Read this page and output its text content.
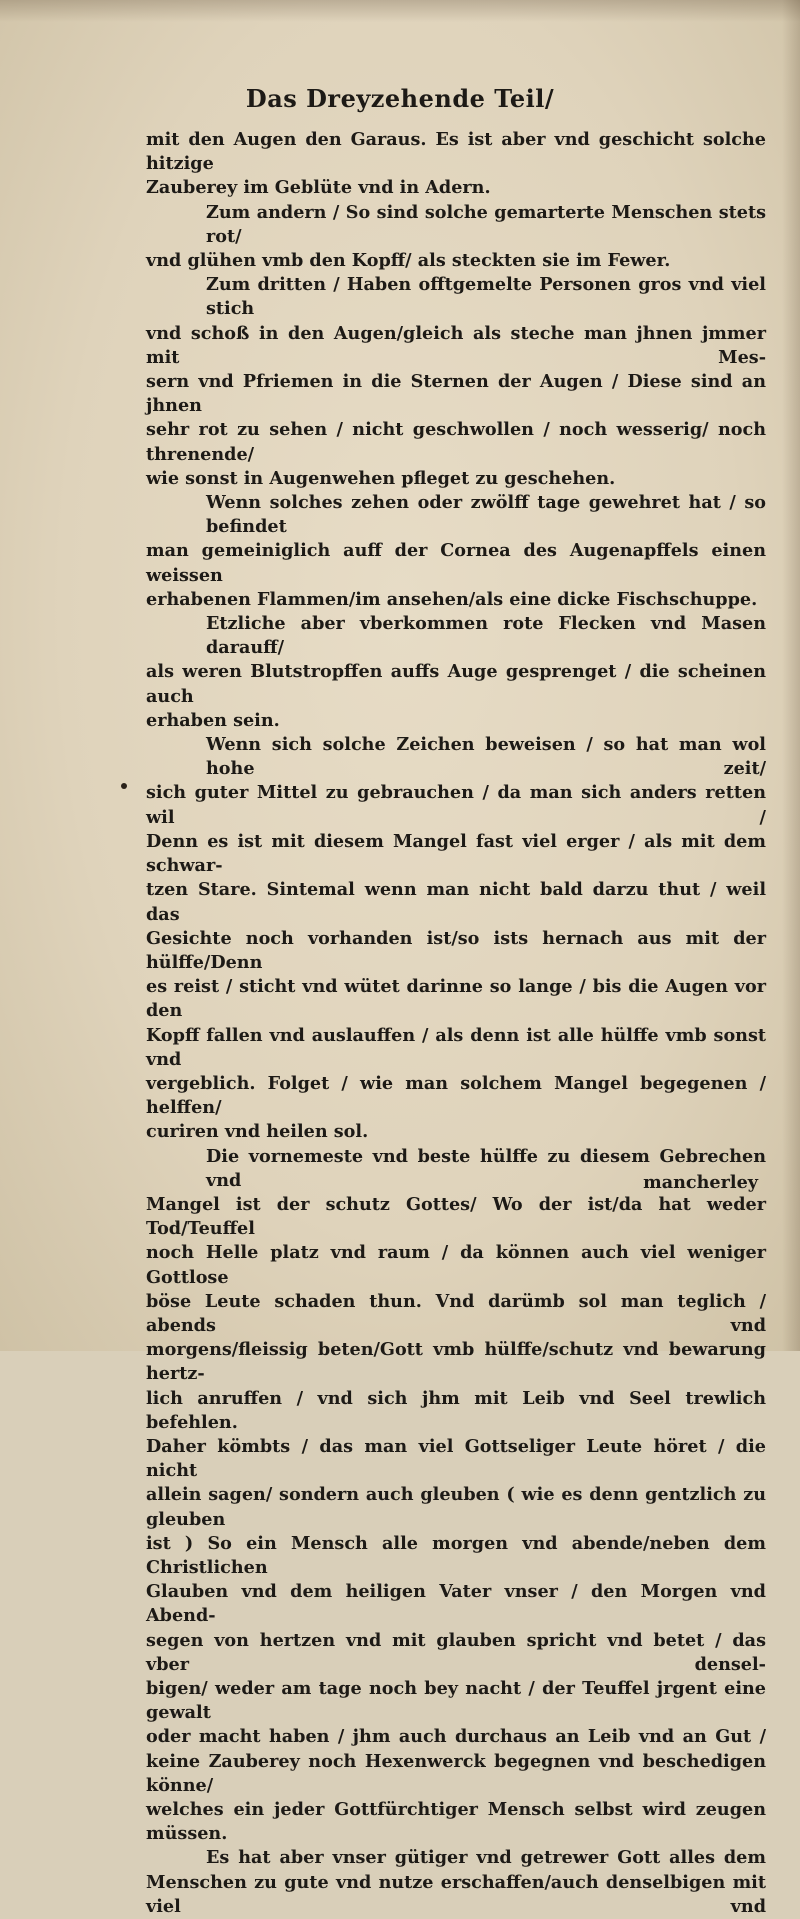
Das Dreyzehende Teil/

mit den Augen den Garaus. Es ist aber vnd geschicht solche hitzige
Zauberey im Geblüte vnd in Adern.

Zum andern / So sind solche gemarterte Menschen stets rot/
vnd glühen vmb den Kopff/ als steckten sie im Fewer.

Zum dritten / Haben offtgemelte Personen gros vnd viel stich
vnd schoß in den Augen/gleich als steche man jhnen jmmer mit Mes-
sern vnd Pfriemen in die Sternen der Augen / Diese sind an jhnen
sehr rot zu sehen / nicht geschwollen / noch wesserig/ noch threnende/
wie sonst in Augenwehen pfleget zu geschehen.

Wenn solches zehen oder zwölff tage gewehret hat / so befindet
man gemeiniglich auff der Cornea des Augenapffels einen weissen
erhabenen Flammen/im ansehen/als eine dicke Fischschuppe.

Etzliche aber vberkommen rote Flecken vnd Masen darauff/
als weren Blutstropffen auffs Auge gesprenget / die scheinen auch
erhaben sein.

Wenn sich solche Zeichen beweisen / so hat man wol hohe zeit/
sich guter Mittel zu gebrauchen / da man sich anders retten wil /
Denn es ist mit diesem Mangel fast viel erger / als mit dem schwar-
tzen Stare. Sintemal wenn man nicht bald darzu thut / weil das
Gesichte noch vorhanden ist/so ists hernach aus mit der hülffe/Denn
es reist / sticht vnd wütet darinne so lange / bis die Augen vor den
Kopff fallen vnd auslauffen / als denn ist alle hülffe vmb sonst vnd
vergeblich. Folget / wie man solchem Mangel begegenen / helffen/
curiren vnd heilen sol.

Die vornemeste vnd beste hülffe zu diesem Gebrechen vnd
Mangel ist der schutz Gottes/ Wo der ist/da hat weder Tod/Teuffel
noch Helle platz vnd raum / da können auch viel weniger Gottlose
böse Leute schaden thun. Vnd darümb sol man teglich / abends vnd
morgens/fleissig beten/Gott vmb hülffe/schutz vnd bewarung hertz-
lich anruffen / vnd sich jhm mit Leib vnd Seel trewlich befehlen.
Daher kömbts / das man viel Gottseliger Leute höret / die nicht
allein sagen/ sondern auch gleuben ( wie es denn gentzlich zu gleuben
ist ) So ein Mensch alle morgen vnd abende/neben dem Christlichen
Glauben vnd dem heiligen Vater vnser / den Morgen vnd Abend-
segen von hertzen vnd mit glauben spricht vnd betet / das vber densel-
bigen/ weder am tage noch bey nacht / der Teuffel jrgent eine gewalt
oder macht haben / jhm auch durchaus an Leib vnd an Gut /
keine Zauberey noch Hexenwerck begegnen vnd beschedigen könne/
welches ein jeder Gottfürchtiger Mensch selbst wird zeugen müssen.

Es hat aber vnser gütiger vnd getrewer Gott alles dem
Menschen zu gute vnd nutze erschaffen/auch denselbigen mit viel vnd

mancherley
